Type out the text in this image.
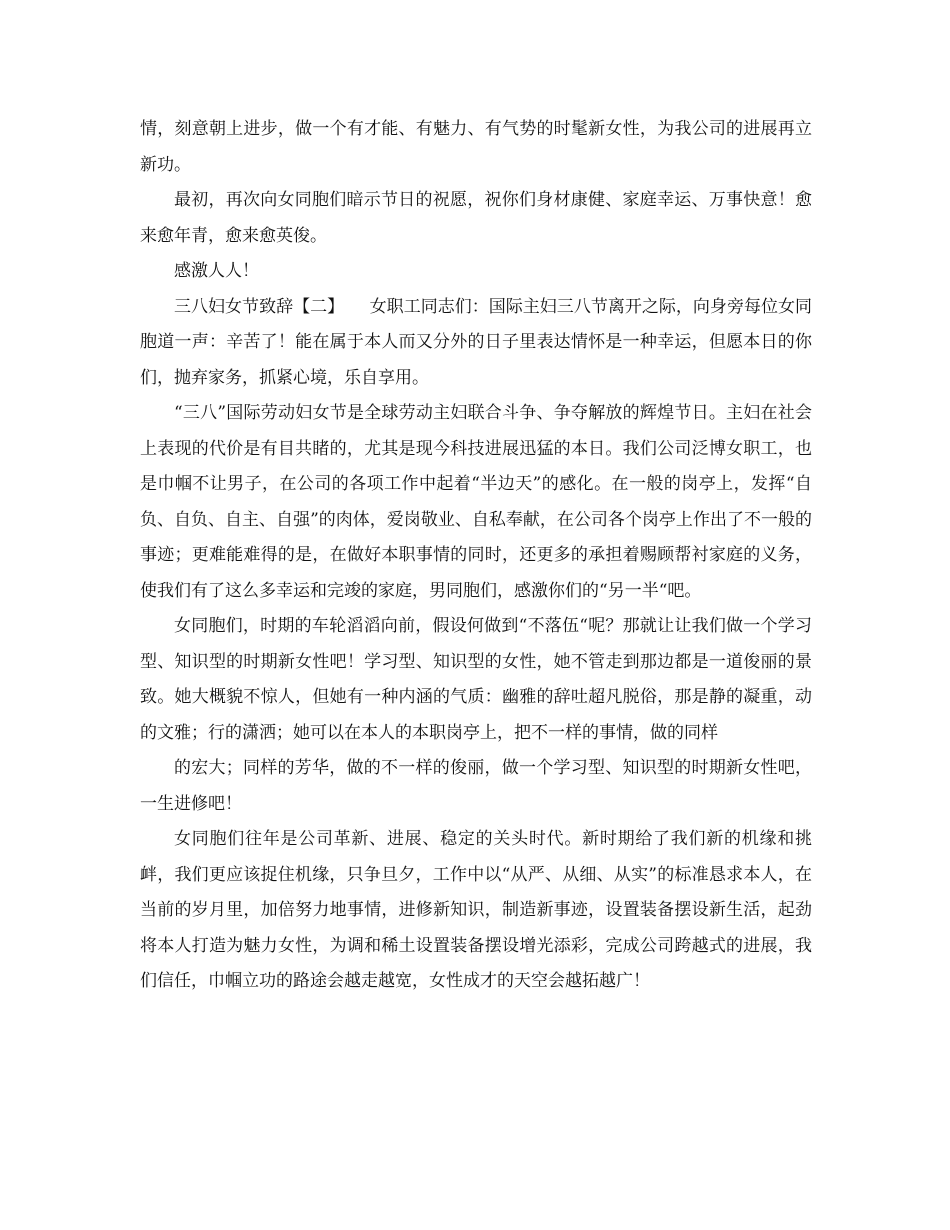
情，刻意朝上进步，做一个有才能、有魅力、有气势的时髦新女性，为我公司的进展再立新功。

最初，再次向女同胞们暗示节日的祝愿，祝你们身材康健、家庭幸运、万事快意！愈来愈年青，愈来愈英俊。

感激人人！

三八妇女节致辞【二】　　女职工同志们：国际主妇三八节离开之际，向身旁每位女同胞道一声：辛苦了！能在属于本人而又分外的日子里表达情怀是一种幸运，但愿本日的你们，抛弃家务，抓紧心境，乐自享用。

“三八”国际劳动妇女节是全球劳动主妇联合斗争、争夺解放的辉煌节日。主妇在社会上表现的代价是有目共睹的，尤其是现今科技进展迅猛的本日。我们公司泛博女职工，也是巾帼不让男子，在公司的各项工作中起着“半边天”的感化。在一般的岗亭上，发挥“自负、自负、自主、自强”的肉体，爱岗敬业、自私奉献，在公司各个岗亭上作出了不一般的事迹；更难能难得的是，在做好本职事情的同时，还更多的承担着赐顾帮衬家庭的义务，使我们有了这么多幸运和完竣的家庭，男同胞们，感激你们的“另一半“吧。

女同胞们，时期的车轮滔滔向前，假设何做到“不落伍“呢？那就让让我们做一个学习型、知识型的时期新女性吧！学习型、知识型的女性，她不管走到那边都是一道俊丽的景致。她大概貌不惊人，但她有一种内涵的气质：幽雅的辞吐超凡脱俗，那是静的凝重，动的文雅；行的潇洒；她可以在本人的本职岗亭上，把不一样的事情，做的同样

的宏大；同样的芳华，做的不一样的俊丽，做一个学习型、知识型的时期新女性吧，一生进修吧！

女同胞们往年是公司革新、进展、稳定的关头时代。新时期给了我们新的机缘和挑衅，我们更应该捉住机缘，只争旦夕，工作中以“从严、从细、从实”的标准恳求本人，在当前的岁月里，加倍努力地事情，进修新知识，制造新事迹，设置装备摆设新生活，起劲将本人打造为魅力女性，为调和稀土设置装备摆设增光添彩，完成公司跨越式的进展，我们信任，巾帼立功的路途会越走越宽，女性成才的天空会越拓越广！
